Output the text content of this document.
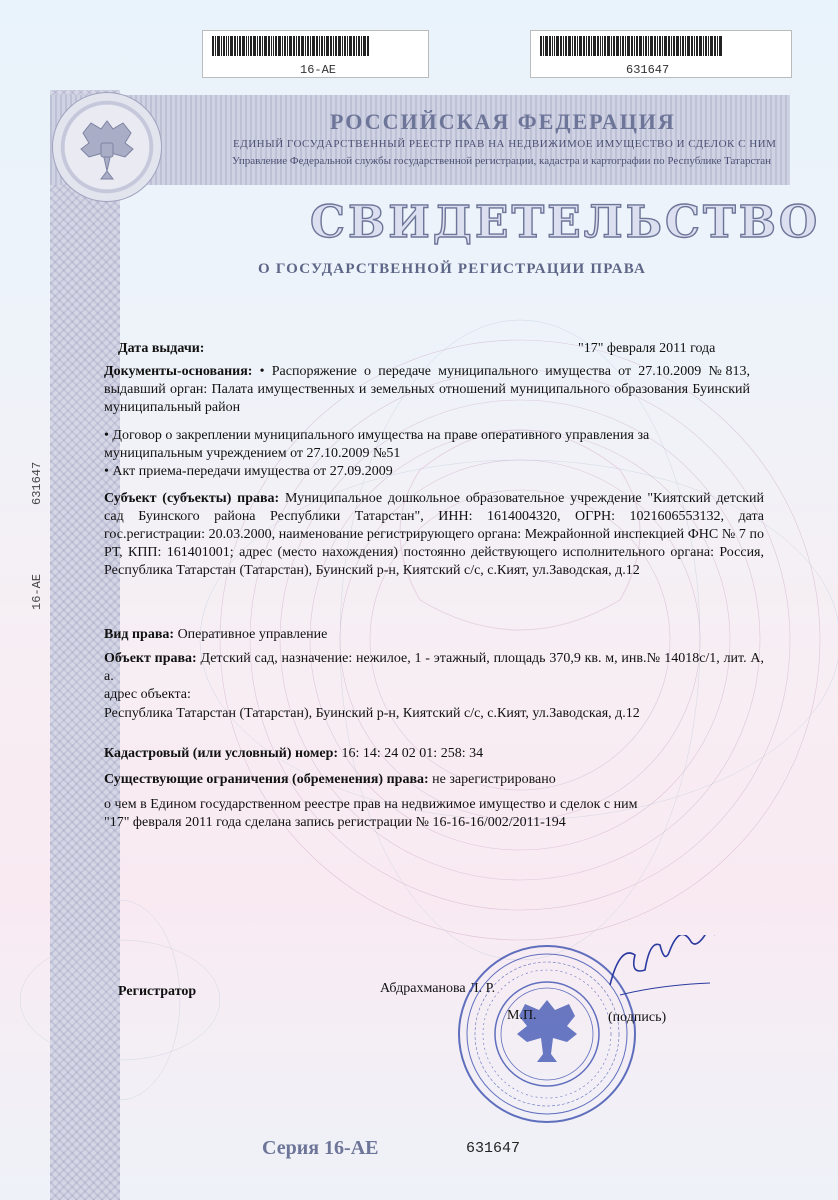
16-АЕ	631647
631647
16-АЕ
РОССИЙСКАЯ ФЕДЕРАЦИЯ
ЕДИНЫЙ ГОСУДАРСТВЕННЫЙ РЕЕСТР ПРАВ НА НЕДВИЖИМОЕ ИМУЩЕСТВО И СДЕЛОК С НИМ
Управление Федеральной службы государственной регистрации, кадастра и картографии по Республике Татарстан
СВИДЕТЕЛЬСТВО
О ГОСУДАРСТВЕННОЙ РЕГИСТРАЦИИ ПРАВА
Дата выдачи:	"17" февраля 2011 года
Документы-основания: • Распоряжение о передаче муниципального имущества от 27.10.2009 №813, выдавший орган: Палата имущественных и земельных отношений муниципального образования Буинский муниципальный район
• Договор о закреплении муниципального имущества на праве оперативного управления за муниципальным учреждением от 27.10.2009 №51
• Акт приема-передачи имущества от 27.09.2009
Субъект (субъекты) права: Муниципальное дошкольное образовательное учреждение "Киятский детский сад Буинского района Республики Татарстан", ИНН: 1614004320, ОГРН: 1021606553132, дата гос.регистрации: 20.03.2000, наименование регистрирующего органа: Межрайонной инспекцией ФНС № 7 по РТ, КПП: 161401001; адрес (место нахождения) постоянно действующего исполнительного органа: Россия, Республика Татарстан (Татарстан), Буинский р-н, Киятский с/с, с.Кият, ул.Заводская, д.12
Вид права: Оперативное управление
Объект права: Детский сад, назначение: нежилое, 1 - этажный, площадь 370,9 кв. м, инв.№ 14018с/1, лит. А, а.
адрес объекта:
Республика Татарстан (Татарстан), Буинский р-н, Киятский с/с, с.Кият, ул.Заводская, д.12
Кадастровый (или условный) номер: 16: 14: 24 02 01: 258: 34
Существующие ограничения (обременения) права: не зарегистрировано
о чем в Едином государственном реестре прав на недвижимое имущество и сделок с ним
"17" февраля 2011 года сделана запись регистрации № 16-16-16/002/2011-194
Регистратор	Абдрахманова Л. Р.
М.П.	(подпись)
Серия 16-АЕ	631647
